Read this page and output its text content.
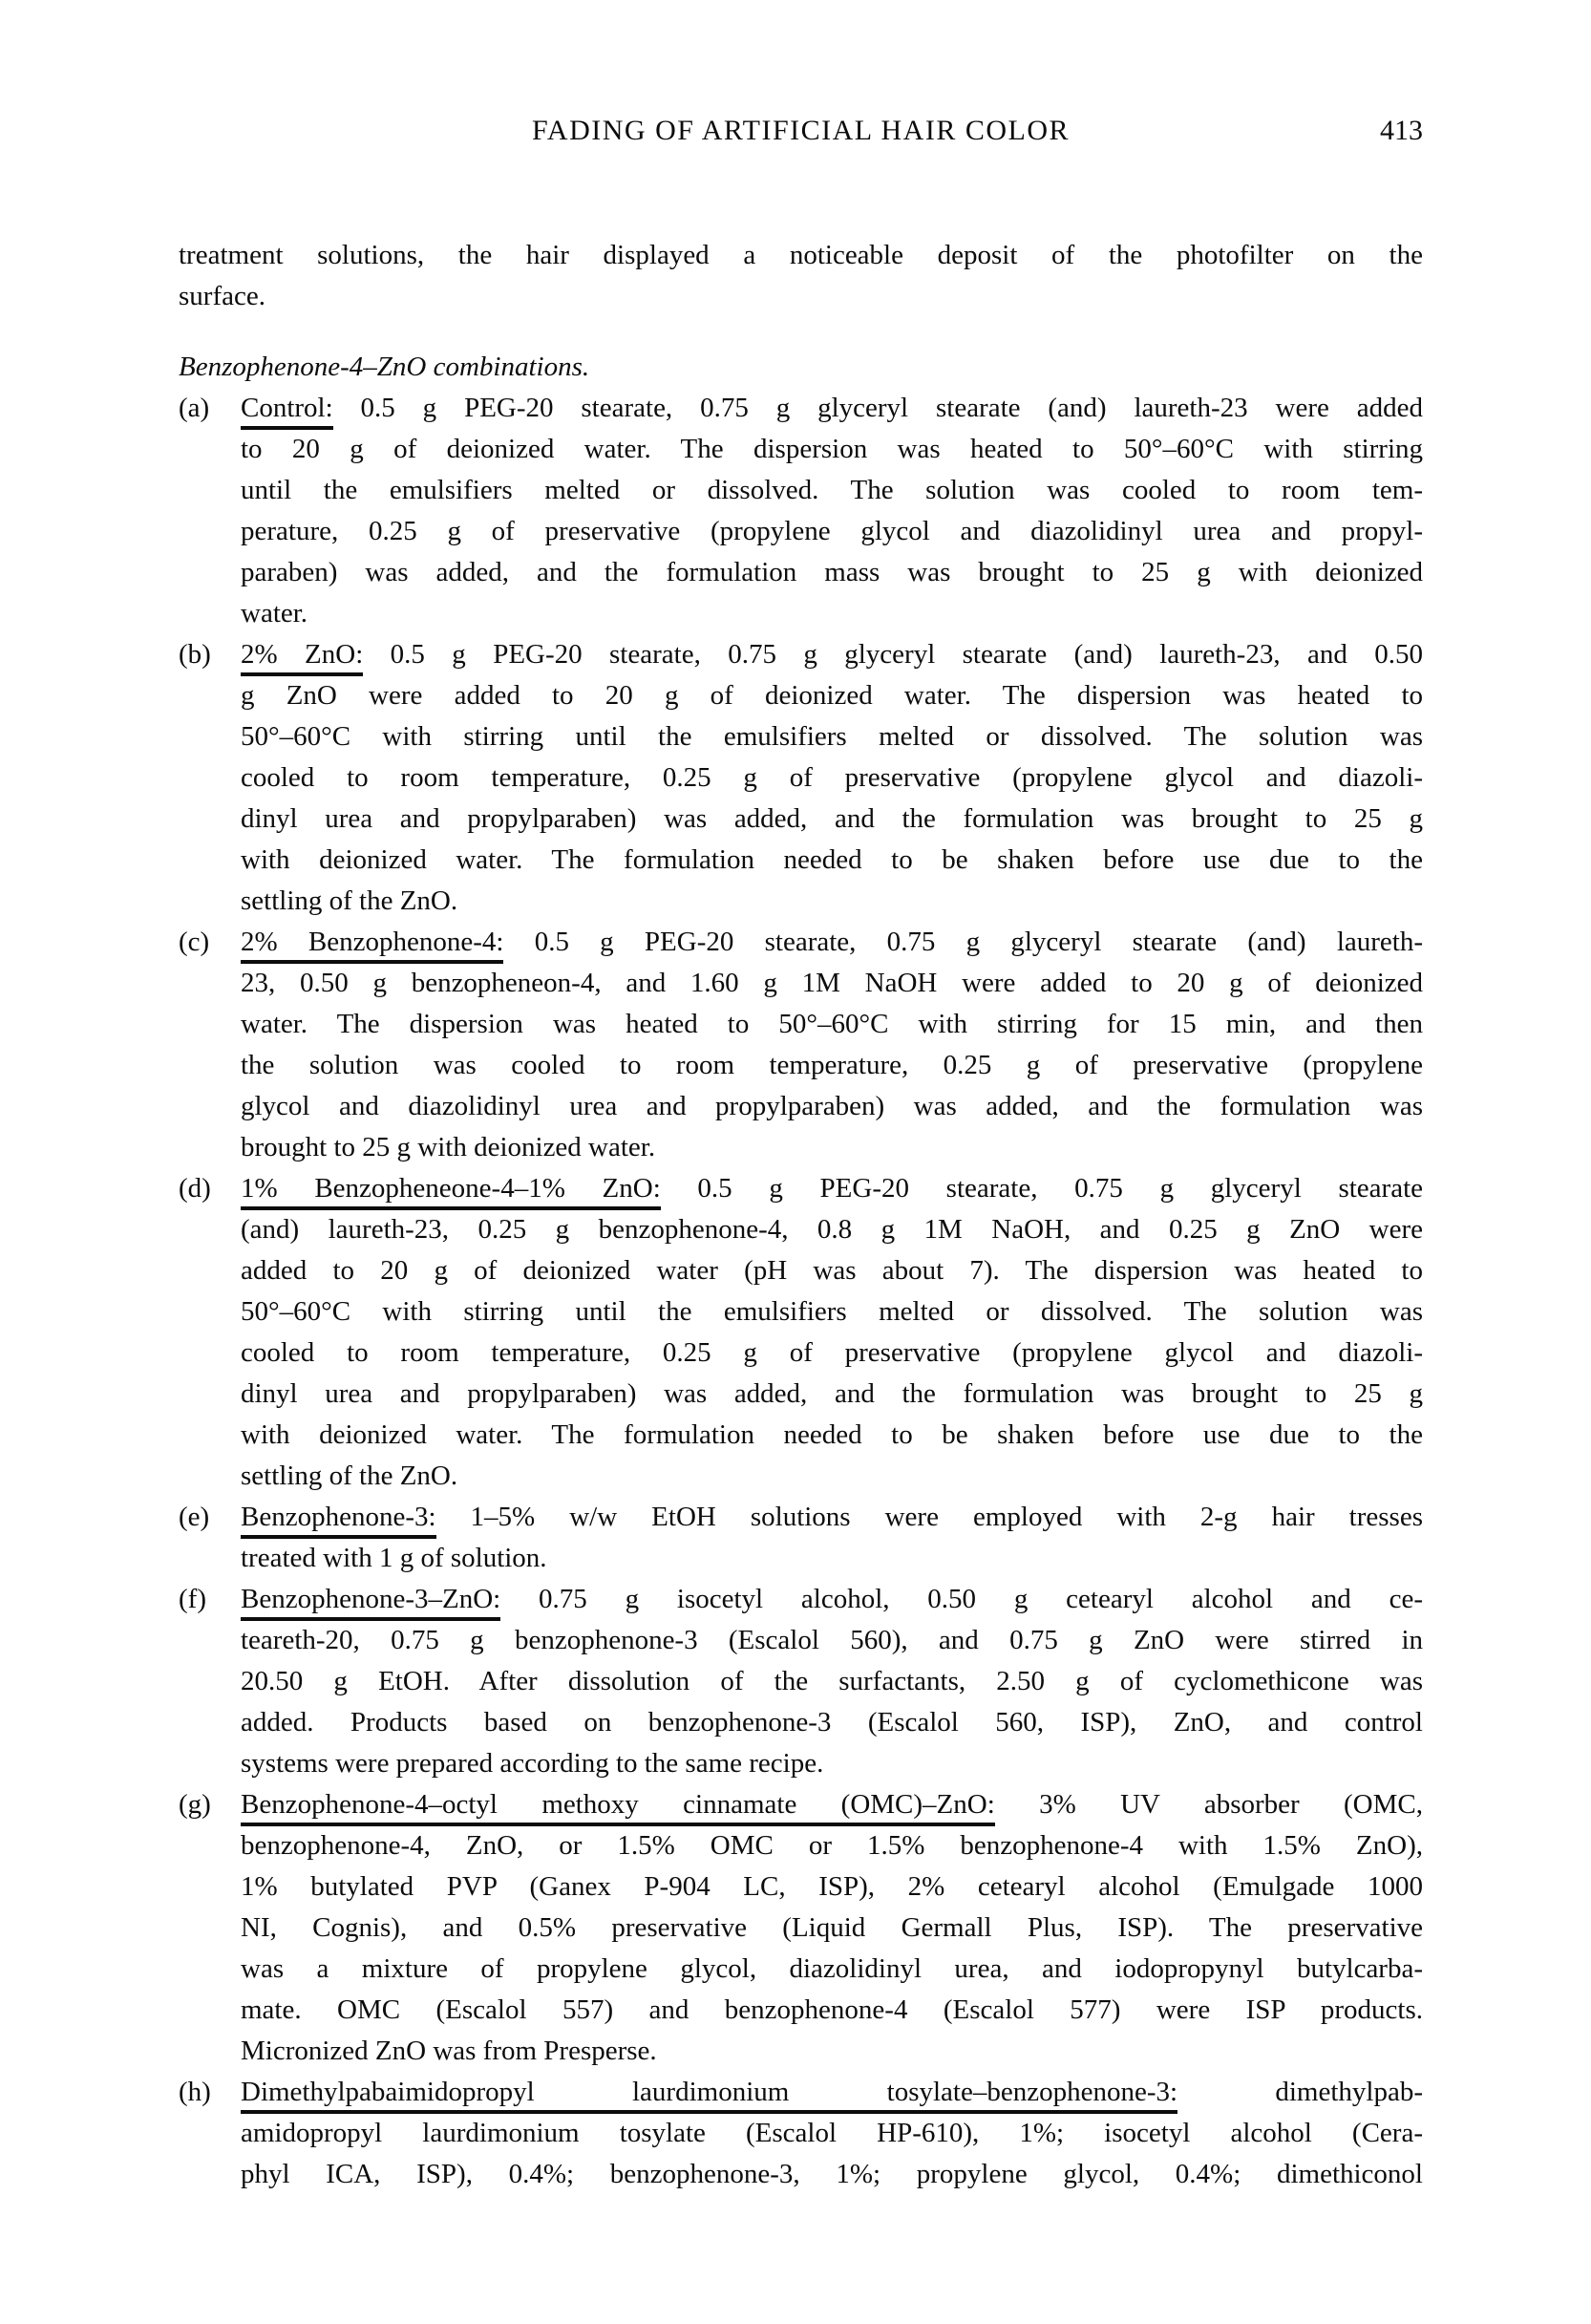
FADING OF ARTIFICIAL HAIR COLOR	413
treatment solutions, the hair displayed a noticeable deposit of the photofilter on the
surface.
Benzophenone-4–ZnO combinations.
(a) Control: 0.5 g PEG-20 stearate, 0.75 g glyceryl stearate (and) laureth-23 were added
to 20 g of deionized water. The dispersion was heated to 50°–60°C with stirring
until the emulsifiers melted or dissolved. The solution was cooled to room tem-
perature, 0.25 g of preservative (propylene glycol and diazolidinyl urea and propyl-
paraben) was added, and the formulation mass was brought to 25 g with deionized
water.
(b) 2% ZnO: 0.5 g PEG-20 stearate, 0.75 g glyceryl stearate (and) laureth-23, and 0.50
g ZnO were added to 20 g of deionized water. The dispersion was heated to
50°–60°C with stirring until the emulsifiers melted or dissolved. The solution was
cooled to room temperature, 0.25 g of preservative (propylene glycol and diazoli-
dinyl urea and propylparaben) was added, and the formulation was brought to 25 g
with deionized water. The formulation needed to be shaken before use due to the
settling of the ZnO.
(c) 2% Benzophenone-4: 0.5 g PEG-20 stearate, 0.75 g glyceryl stearate (and) laureth-
23, 0.50 g benzopheneon-4, and 1.60 g 1M NaOH were added to 20 g of deionized
water. The dispersion was heated to 50°–60°C with stirring for 15 min, and then
the solution was cooled to room temperature, 0.25 g of preservative (propylene
glycol and diazolidinyl urea and propylparaben) was added, and the formulation was
brought to 25 g with deionized water.
(d) 1% Benzopheneone-4–1% ZnO: 0.5 g PEG-20 stearate, 0.75 g glyceryl stearate
(and) laureth-23, 0.25 g benzophenone-4, 0.8 g 1M NaOH, and 0.25 g ZnO were
added to 20 g of deionized water (pH was about 7). The dispersion was heated to
50°–60°C with stirring until the emulsifiers melted or dissolved. The solution was
cooled to room temperature, 0.25 g of preservative (propylene glycol and diazoli-
dinyl urea and propylparaben) was added, and the formulation was brought to 25 g
with deionized water. The formulation needed to be shaken before use due to the
settling of the ZnO.
(e) Benzophenone-3: 1–5% w/w EtOH solutions were employed with 2-g hair tresses
treated with 1 g of solution.
(f) Benzophenone-3–ZnO: 0.75 g isocetyl alcohol, 0.50 g cetearyl alcohol and ce-
teareth-20, 0.75 g benzophenone-3 (Escalol 560), and 0.75 g ZnO were stirred in
20.50 g EtOH. After dissolution of the surfactants, 2.50 g of cyclomethicone was
added. Products based on benzophenone-3 (Escalol 560, ISP), ZnO, and control
systems were prepared according to the same recipe.
(g) Benzophenone-4–octyl methoxy cinnamate (OMC)–ZnO: 3% UV absorber (OMC,
benzophenone-4, ZnO, or 1.5% OMC or 1.5% benzophenone-4 with 1.5% ZnO),
1% butylated PVP (Ganex P-904 LC, ISP), 2% cetearyl alcohol (Emulgade 1000
NI, Cognis), and 0.5% preservative (Liquid Germall Plus, ISP). The preservative
was a mixture of propylene glycol, diazolidinyl urea, and iodopropynyl butylcarba-
mate. OMC (Escalol 557) and benzophenone-4 (Escalol 577) were ISP products.
Micronized ZnO was from Presperse.
(h) Dimethylpabaimidopropyl laurdimonium tosylate–benzophenone-3: dimethylpab-
amidopropyl laurdimonium tosylate (Escalol HP-610), 1%; isocetyl alcohol (Cera-
phyl ICA, ISP), 0.4%; benzophenone-3, 1%; propylene glycol, 0.4%; dimethiconol
